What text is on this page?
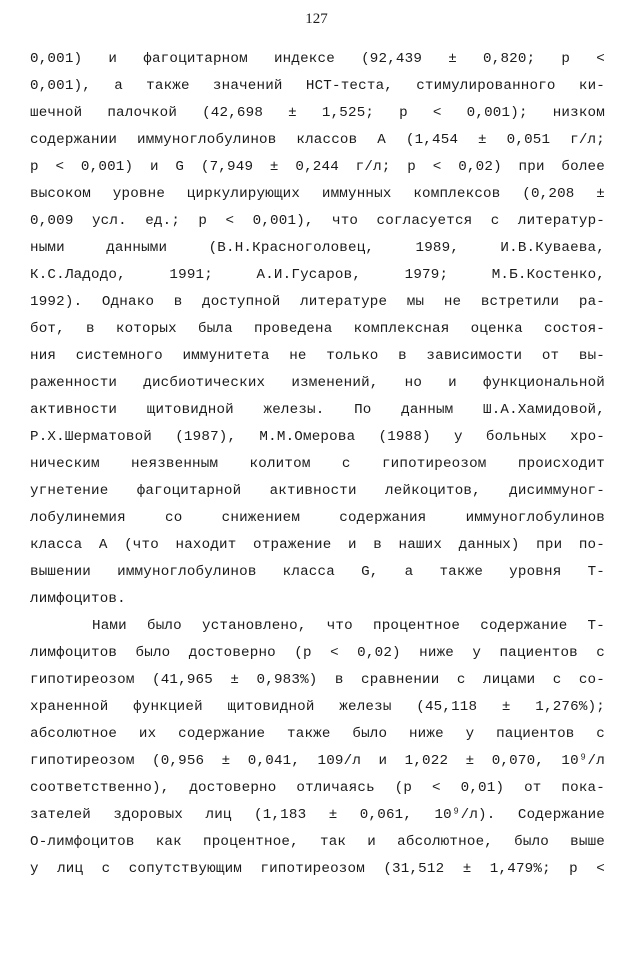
127
0,001) и фагоцитарном индексе (92,439 ± 0,820; р <
0,001), а также значений НСТ-теста, стимулированного ки-
шечной палочкой (42,698 ± 1,525; р < 0,001); низком
содержании иммуноглобулинов классов А (1,454 ± 0,051 г/л;
р < 0,001) и G (7,949 ± 0,244 г/л; р < 0,02) при более
высоком уровне циркулирующих иммунных комплексов (0,208 ±
0,009 усл. ед.; р < 0,001), что согласуется с литератур-
ными данными (В.Н.Красноголовец, 1989, И.В.Куваева,
К.С.Ладодо, 1991; А.И.Гусаров, 1979; М.Б.Костенко,
1992). Однако в доступной литературе мы не встретили ра-
бот, в которых была проведена комплексная оценка состоя-
ния системного иммунитета не только в зависимости от вы-
раженности дисбиотических изменений, но и функциональной
активности щитовидной железы. По данным Ш.А.Хамидовой,
Р.Х.Шерматовой (1987), М.М.Омерова (1988) у больных хро-
ническим неязвенным колитом с гипотиреозом происходит
угнетение фагоцитарной активности лейкоцитов, дисиммуног-
лобулинемия со снижением содержания иммуноглобулинов
класса А (что находит отражение и в наших данных) при по-
вышении иммуноглобулинов класса G, а также уровня Т-
лимфоцитов.
Нами было установлено, что процентное содержание Т-
лимфоцитов было достоверно (р < 0,02) ниже у пациентов с
гипотиреозом (41,965 ± 0,983%) в сравнении с лицами с со-
храненной функцией щитовидной железы (45,118 ± 1,276%);
абсолютное их содержание также было ниже у пациентов с
гипотиреозом (0,956 ± 0,041, 109/л и 1,022 ± 0,070, 10⁹/л
соответственно), достоверно отличаясь (р < 0,01) от пока-
зателей здоровых лиц (1,183 ± 0,061, 10⁹/л). Содержание
О-лимфоцитов как процентное, так и абсолютное, было выше
у лиц с сопутствующим гипотиреозом (31,512 ± 1,479%; р <
